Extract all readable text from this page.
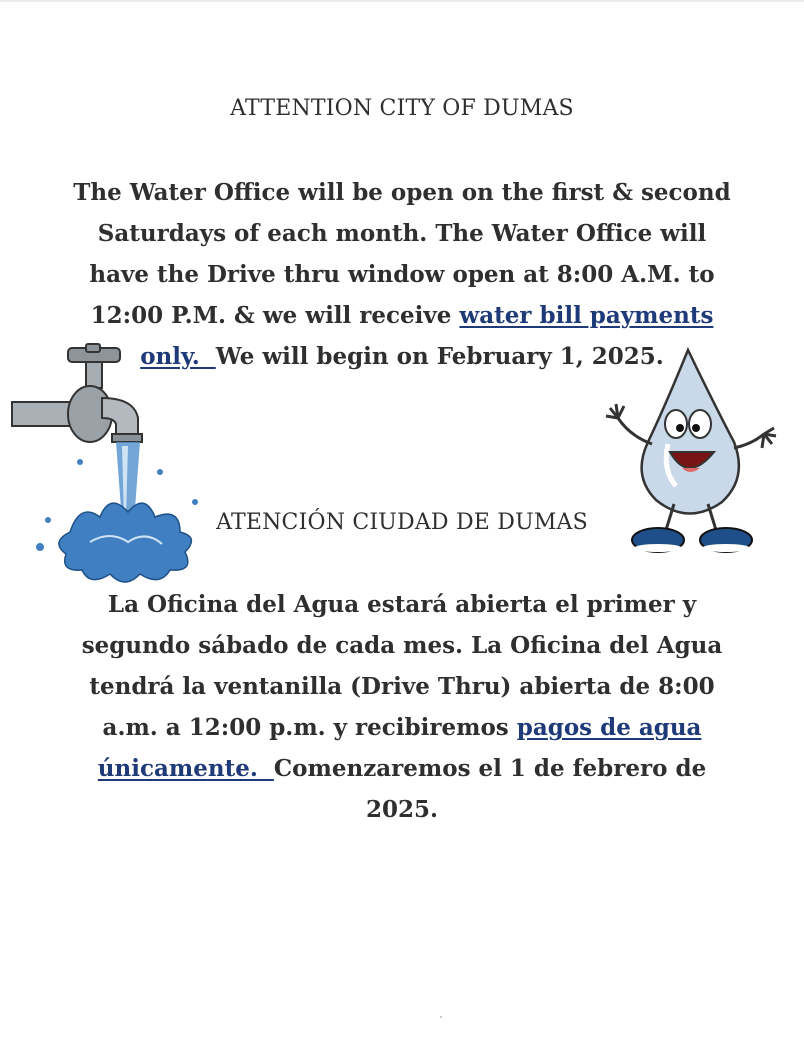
ATTENTION CITY OF DUMAS
The Water Office will be open on the first & second
Saturdays of each month. The Water Office will
have the Drive thru window open at 8:00 A.M. to
12:00 P.M. & we will receive water bill payments
only.  We will begin on February 1, 2025.
ATENCIÓN CIUDAD DE DUMAS
La Oficina del Agua estará abierta el primer y
segundo sábado de cada mes. La Oficina del Agua
tendrá la ventanilla (Drive Thru) abierta de 8:00
a.m. a 12:00 p.m. y recibiremos pagos de agua
únicamente.  Comenzaremos el 1 de febrero de
2025.
